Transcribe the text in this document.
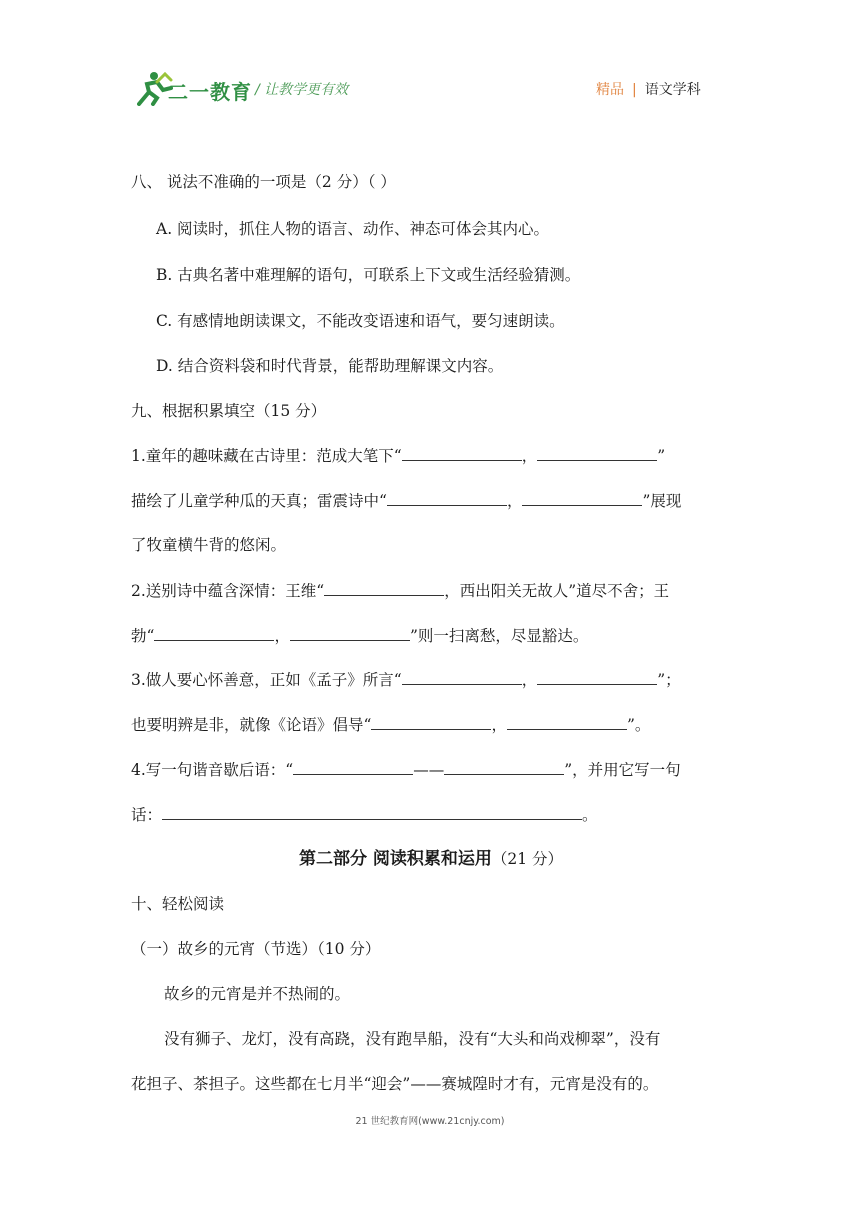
二一教育 / 让教学更有效	精品 | 语文学科
八、 说法不准确的一项是（2 分）（ ）
A. 阅读时，抓住人物的语言、动作、神态可体会其内心。
B. 古典名著中难理解的语句，可联系上下文或生活经验猜测。
C. 有感情地朗读课文，不能改变语速和语气，要匀速朗读。
D. 结合资料袋和时代背景，能帮助理解课文内容。
九、根据积累填空（15 分）
1.童年的趣味藏在古诗里：范成大笔下“	，	”
描绘了儿童学种瓜的天真；雷震诗中“	，	”展现
了牧童横牛背的悠闲。
2.送别诗中蕴含深情：王维“	，西出阳关无故人”道尽不舍；王
勃“	，	”则一扫离愁，尽显豁达。
3.做人要心怀善意，正如《孟子》所言“	，	”；
也要明辨是非，就像《论语》倡导“	，	”。
4.写一句谐音歇后语：“	——	”，并用它写一句
话：	。
第二部分 阅读积累和运用（21 分）
十、轻松阅读
（一）故乡的元宵（节选）（10 分）
故乡的元宵是并不热闹的。
没有狮子、龙灯，没有高跷，没有跑旱船，没有“大头和尚戏柳翠”，没有
花担子、茶担子。这些都在七月半“迎会”——赛城隍时才有，元宵是没有的。
21 世纪教育网(www.21cnjy.com)
